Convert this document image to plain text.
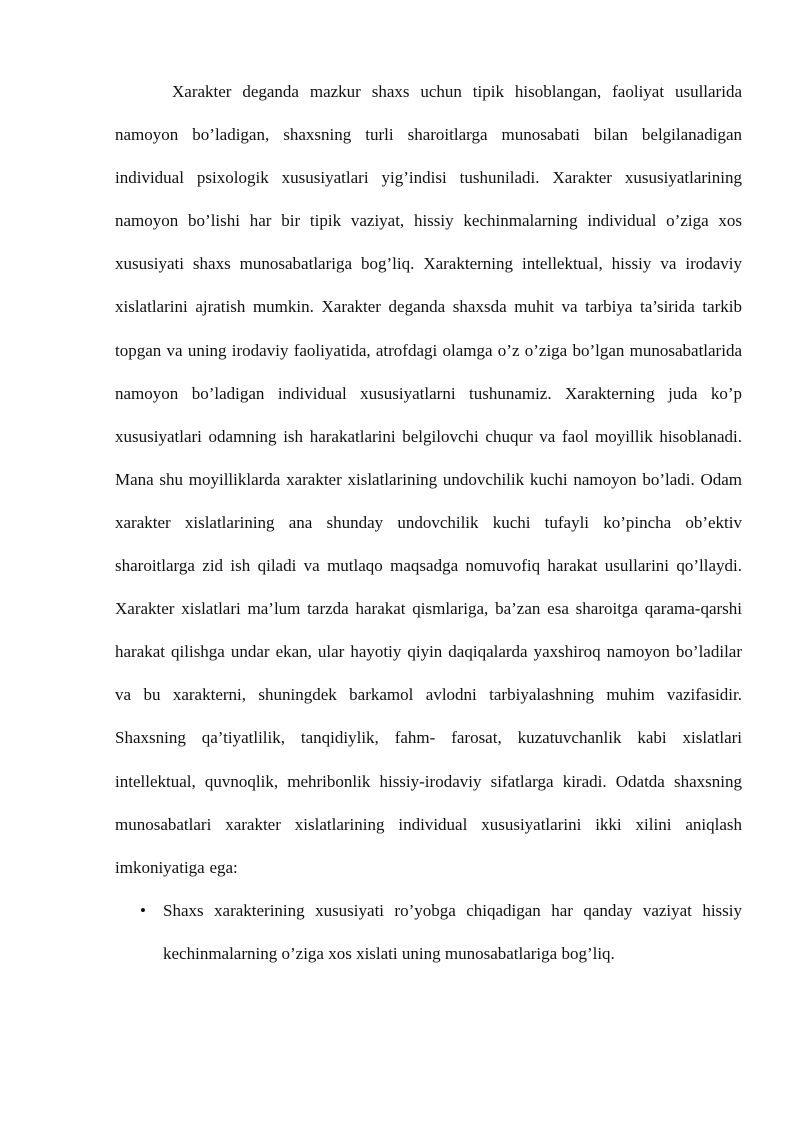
Xarakter deganda mazkur shaxs uchun tipik hisoblangan, faoliyat usullarida namoyon bo’ladigan, shaxsning turli sharoitlarga munosabati bilan belgilanadigan individual psixologik xususiyatlari yig’indisi tushuniladi. Xarakter xususiyatlarining namoyon bo’lishi har bir tipik vaziyat, hissiy kechinmalarning individual o’ziga xos xususiyati shaxs munosabatlariga bog’liq. Xarakterning intellektual, hissiy va irodaviy xislatlarini ajratish mumkin. Xarakter deganda shaxsda muhit va tarbiya ta’sirida tarkib topgan va uning irodaviy faoliyatida, atrofdagi olamga o’z o’ziga bo’lgan munosabatlarida namoyon bo’ladigan individual xususiyatlarni tushunamiz. Xarakterning juda ko’p xususiyatlari odamning ish harakatlarini belgilovchi chuqur va faol moyillik hisoblanadi. Mana shu moyilliklarda xarakter xislatlarining undovchilik kuchi namoyon bo’ladi. Odam xarakter xislatlarining ana shunday undovchilik kuchi tufayli ko’pincha ob’ektiv sharoitlarga zid ish qiladi va mutlaqo maqsadga nomuvofiq harakat usullarini qo’llaydi. Xarakter xislatlari ma’lum tarzda harakat qismlariga, ba’zan esa sharoitga qarama-qarshi harakat qilishga undar ekan, ular hayotiy qiyin daqiqalarda yaxshiroq namoyon bo’ladilar va bu xarakterni, shuningdek barkamol avlodni tarbiyalashning muhim vazifasidir. Shaxsning qa’tiyatlilik, tanqidiylik, fahm- farosat, kuzatuvchanlik kabi xislatlari intellektual, quvnoqlik, mehribonlik hissiy-irodaviy sifatlarga kiradi. Odatda shaxsning munosabatlari xarakter xislatlarining individual xususiyatlarini ikki xilini aniqlash imkoniyatiga ega:

• Shaxs xarakterining xususiyati ro’yobga chiqadigan har qanday vaziyat hissiy kechinmalarning o’ziga xos xislati uning munosabatlariga bog’liq.
